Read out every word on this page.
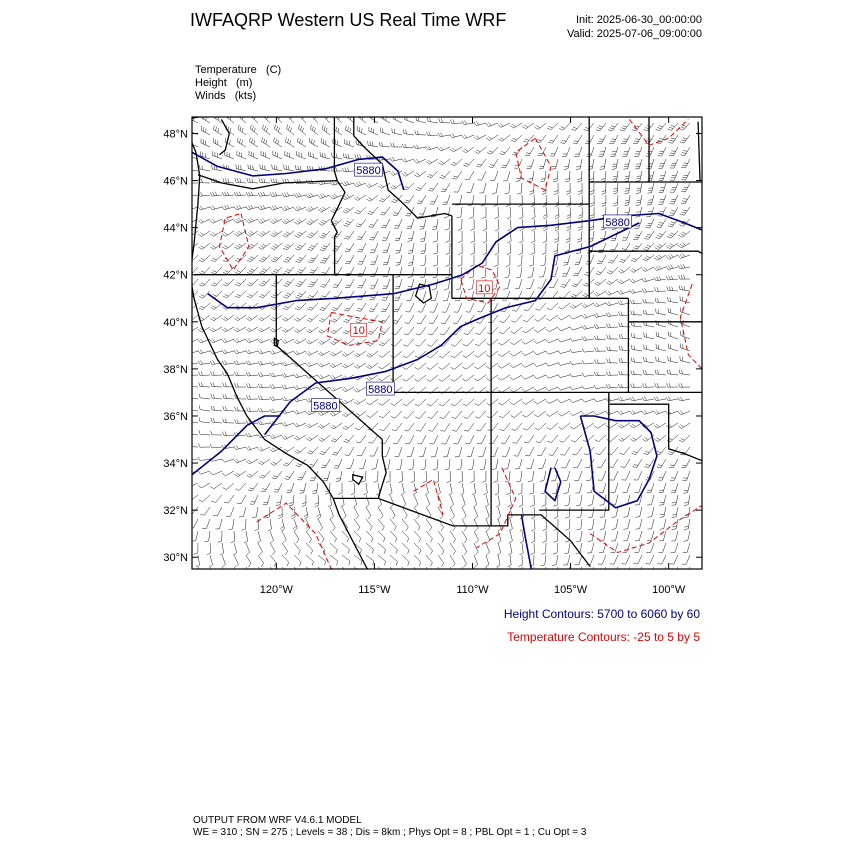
IWFAQRP Western US Real Time WRF	Init: 2025-06-30_00:00:00
Valid: 2025-07-06_09:00:00
Temperature   (C)
Height   (m)
Winds   (kts)
5880
5880
5880
5880
10
10
48°N
46°N
44°N
42°N
40°N
38°N
36°N
34°N
32°N
30°N
120°W	115°W	110°W	105°W	100°W
Height Contours: 5700 to 6060 by 60
Temperature Contours: -25 to 5 by 5
OUTPUT FROM WRF V4.6.1 MODEL
WE = 310 ; SN = 275 ; Levels = 38 ; Dis = 8km ; Phys Opt = 8 ; PBL Opt = 1 ; Cu Opt = 3
